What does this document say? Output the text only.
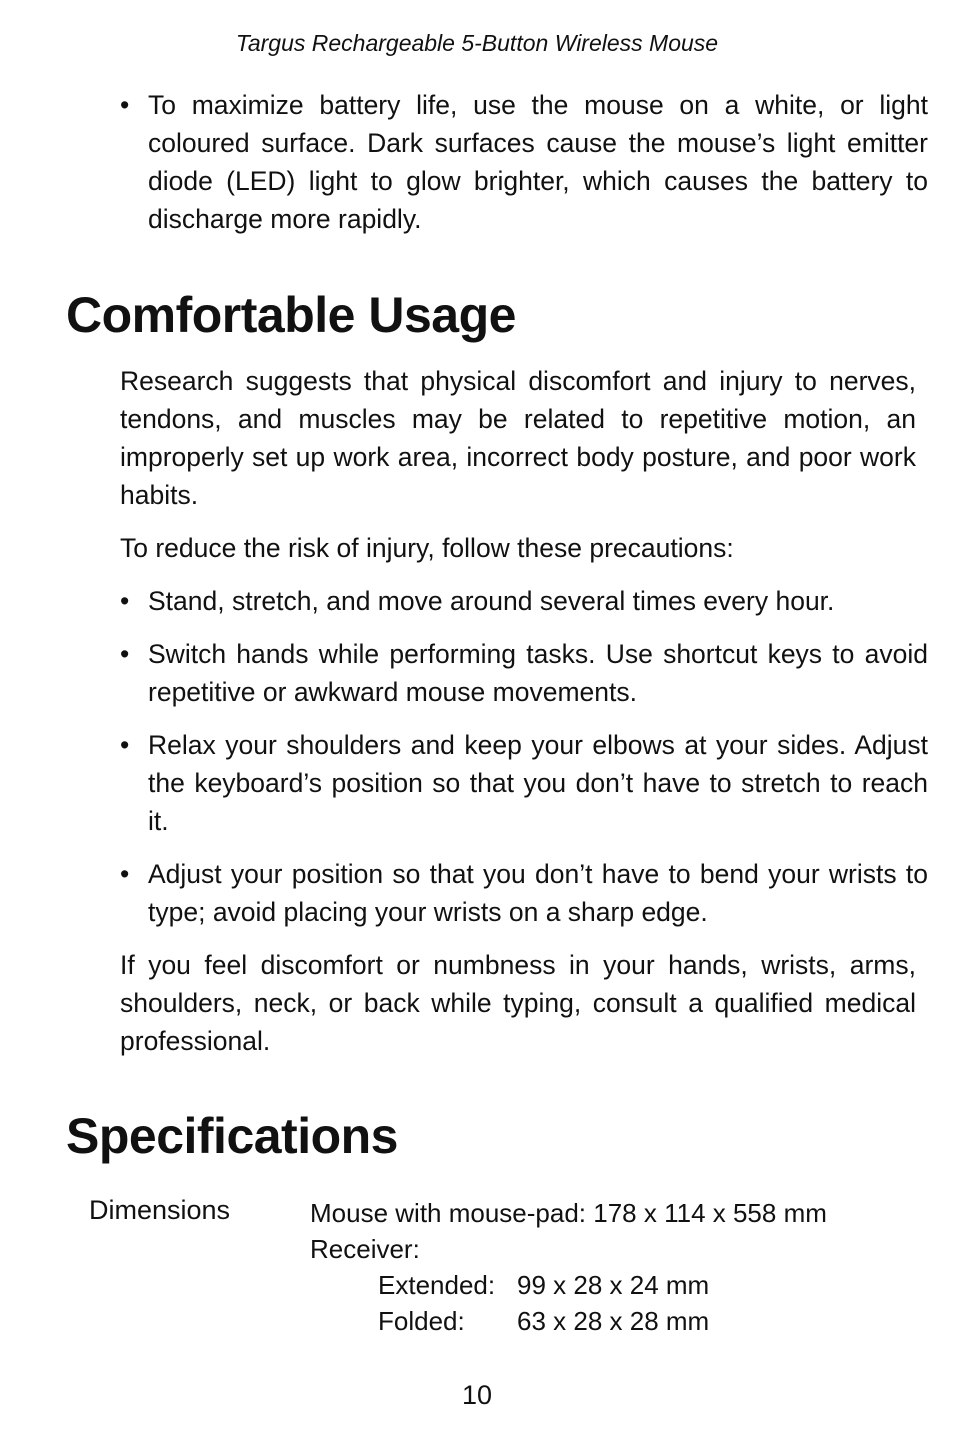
Targus Rechargeable 5-Button Wireless Mouse
• To maximize battery life, use the mouse on a white, or light coloured surface. Dark surfaces cause the mouse’s light emitter diode (LED) light to glow brighter, which causes the battery to discharge more rapidly.
Comfortable Usage

Research suggests that physical discomfort and injury to nerves, tendons, and muscles may be related to repetitive motion, an improperly set up work area, incorrect body posture, and poor work habits.

To reduce the risk of injury, follow these precautions:

• Stand, stretch, and move around several times every hour.
• Switch hands while performing tasks. Use shortcut keys to avoid repetitive or awkward mouse movements.
• Relax your shoulders and keep your elbows at your sides. Adjust the keyboard’s position so that you don’t have to stretch to reach it.
• Adjust your position so that you don’t have to bend your wrists to type; avoid placing your wrists on a sharp edge.

If you feel discomfort or numbness in your hands, wrists, arms, shoulders, neck, or back while typing, consult a qualified medical professional.

Specifications
Dimensions	Mouse with mouse-pad: 178 x 114 x 558 mm
Receiver:
Extended: 99 x 28 x 24 mm
Folded: 63 x 28 x 28 mm
10
